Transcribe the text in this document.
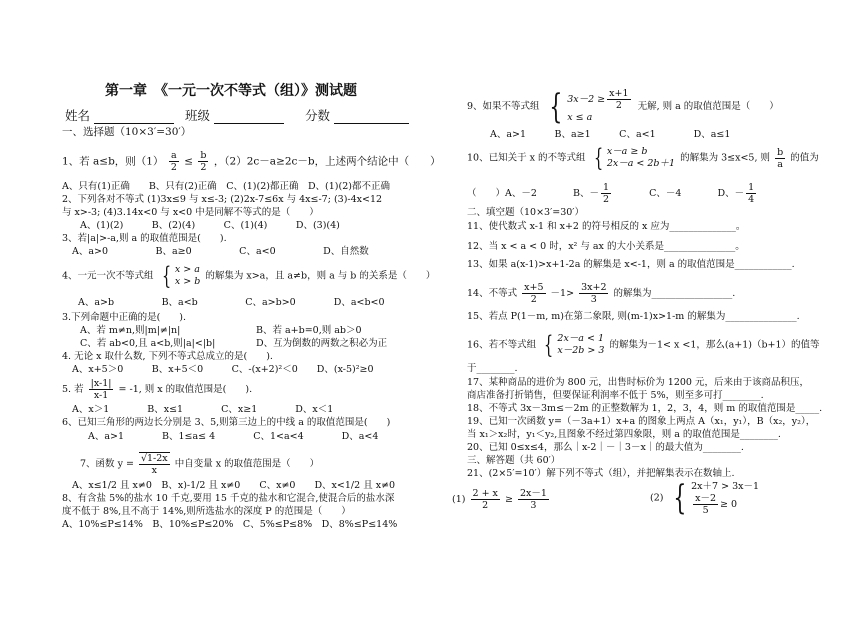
第一章　《一元一次不等式（组）》测试题
姓名	班级	分数
一、选择题（10×3′=30′）
1、若 a≤b，则$(1) \frac{a}{2} \le \frac{b}{2}$ ，（2）2c－a≥2c－b，上述两个结论中（　　）
A、只有(1)正确　　B、只有(2)正确　C、(1)(2)都正确　D、(1)(2)都不正确
2、下列各对不等式 (1)3x≤9 与 x≤-3; (2)2x-7≤6x 与 4x≤-7; (3)-4x<12
与 x>-3; (4)3.14x<0 与 x<0 中是同解不等式的是（　　）
A、(1)(2)　　　B、(2)(4)　　　C、(1)(4)　　　D、(3)(4)
3、若|a|>-a,则 a 的取值范围是(　　).
A、a>0　　　　　B、a≥0　　　　　C、a<0　　　　　D、自然数
4、一元一次不等式组 { x > a
x > b 的解集为 x>a，且 a≠b，则 a 与 b 的关系是（　　）
A、a>b　　　　　B、a<b　　　　　C、a>b>0　　　　D、a<b<0
3.下列命题中正确的是(　　).
A、若 m≠n,则|m|≠|n|	B、若 a+b=0,则 ab＞0
C、若 ab<0,且 a<b,则|a|<|b|	D、互为倒数的两数之积必为正
4. 无论 x 取什么数, 下列不等式总成立的是(　　).
A、x+5＞0　　　B、x+5＜0　　　C、-(x+2)²＜0　　D、(x-5)²≥0
5. 若 $\frac{|x-1|}{x-1} = -1$, 则 x 的取值范围是(　　).
A、x＞1　　　　B、x≤1　　　　C、x≥1　　　　D、x＜1
6、已知三角形的两边长分别是 3、5,则第三边上的中线 a 的取值范围是(　　)
A、a>1　　　　B、1≤a≤ 4　　　　C、1<a<4　　　　D、a<4
7、函数 $y = \frac{√1-2x}{x}$ 中自变量 x 的取值范围是（　　）
A、x≤1/2 且 x≠0　B、x)-1/2 且 x≠0　　C、x≠0　　D、x<1/2 且 x≠0
8、有含盐 5%的盐水 10 千克,要用 15 千克的盐水和它混合,使混合后的盐水深
度不低于 8%,且不高于 14%,则所选盐水的深度 P 的范围是（　　）
A、10%≤P≤14%　B、10%≤P≤20%　C、5%≤P≤8%　D、8%≤P≤14%
9、如果不等式组 { $3x-2 \ge \frac{x+1}{2}$
x ≤ a
无解, 则 a 的取值范围是（　　）
A、a>1　　　B、a≥1　　　C、a<1　　　　D、a≤1
10、已知关于 x 的不等式组 { x－a ≥ b
2x－a < 2b＋1 的解集为 3≤x<5, 则 $\frac{b}{a}$ 的值为
（　　）A、－2	B、－ $\frac{1}{2}$	C、－4	D、－ $\frac{1}{4}$
二、填空题（10×3′=30′）
11、使代数式 x-1 和 x+2 的符号相反的 x 应为______________。
12、当 x < a < 0 时，x² 与 ax 的大小关系是_______________。
13、如果 a(x-1)>x+1-2a 的解集是 x<-1，则 a 的取值范围是____________.
14、不等式 $\frac{x+5}{2} -1> \frac{3x+2}{3}$ 的解集为_________________.
15、若点 P(1－m, m)在第二象限, 则(m-1)x>1-m 的解集为_______________.
16、若不等式组 { 2x－a < 1
x－2b > 3 的解集为－1< x <1，那么(a+1)（b+1）的值等
于________.
17、某种商品的进价为 800 元，出售时标价为 1200 元，后来由于该商品积压，
商店准备打折销售，但要保证利润率不低于 5%，则至多可打________.
18、不等式 3x－3m≤－2m 的正整数解为 1，2，3，4，则 m 的取值范围是_____.
19、已知一次函数 y=（－3a+1）x+a 的图象上两点 A（x₁，y₁），B（x₂，y₂），
当 x₁＞x₂时，y₁＜y₂,且图象不经过第四象限，则 a 的取值范围是________.
20、已知 0≤x≤4，那么｜x-2｜－｜3－x｜的最大值为________.
三、解答题（共 60′）
21、(2×5′=10′）解下列不等式（组），并把解集表示在数轴上.
$(1) \frac{2 + x}{2} \ge \frac{2x-1}{3}$	(2) { 2x＋7 > 3x－1
$\frac{x-2}{5} \ge 0$
